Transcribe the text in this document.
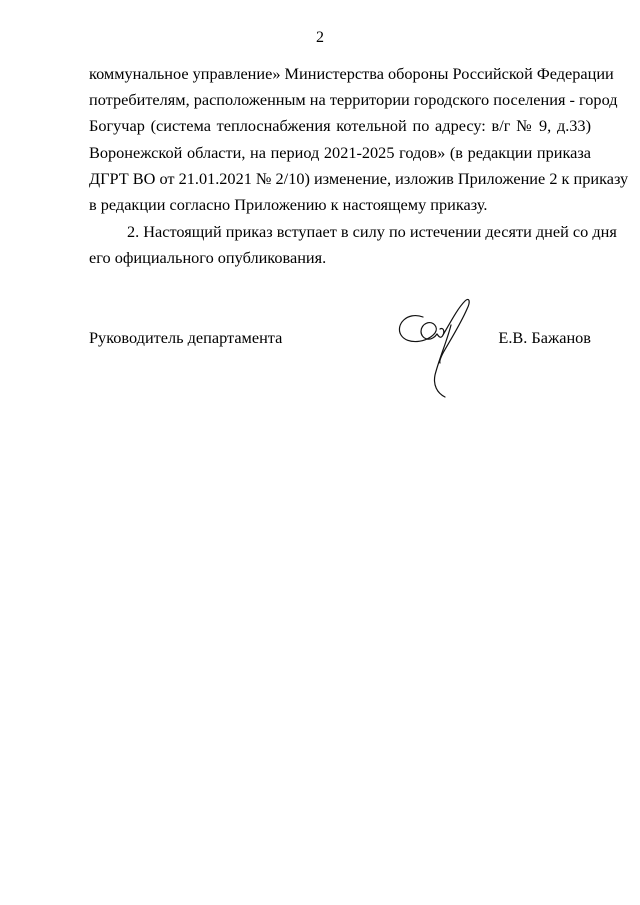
2
коммунальное управление» Министерства обороны Российской Федерации
потребителям, расположенным на территории городского поселения - город
Богучар (система теплоснабжения котельной по адресу: в/г № 9, д.33)
Воронежской области, на период 2021-2025 годов» (в редакции приказа
ДГРТ ВО от 21.01.2021 № 2/10) изменение, изложив Приложение 2 к приказу
в редакции согласно Приложению к настоящему приказу.
2. Настоящий приказ вступает в силу по истечении десяти дней со дня
его официального опубликования.
Руководитель департамента	Е.В. Бажанов
